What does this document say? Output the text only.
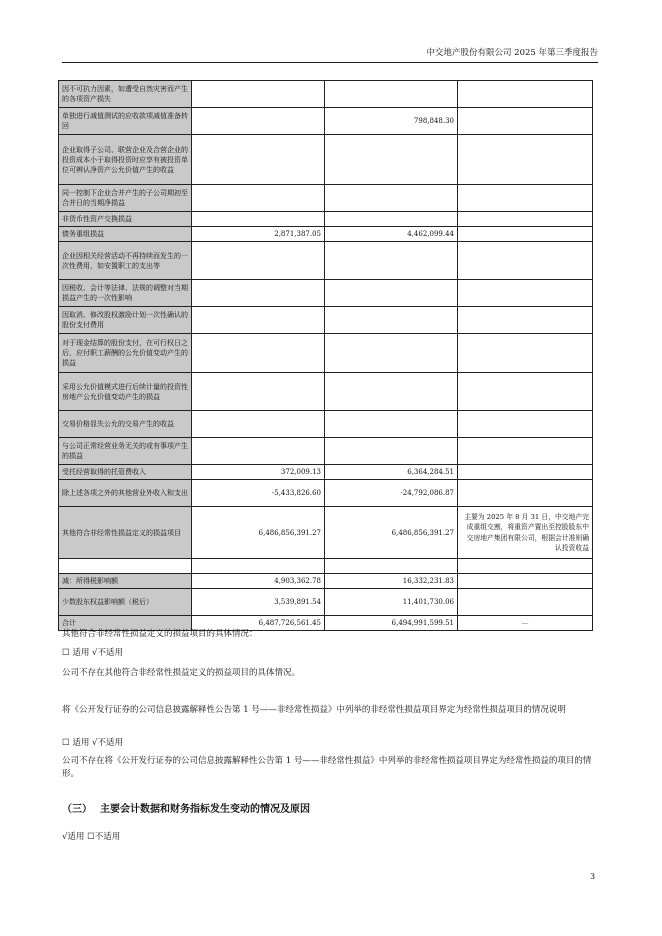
中交地产股份有限公司 2025 年第三季度报告
因不可抗力因素，如遭受自然灾害而产生的各项资产损失			
单独进行减值测试的应收款项减值准备转回		798,848.30	
企业取得子公司、联营企业及合营企业的投资成本小于取得投资时应享有被投资单位可辨认净资产公允价值产生的收益			
同一控制下企业合并产生的子公司期初至合并日的当期净损益			
非货币性资产交换损益			
债务重组损益	2,871,387.05	4,462,099.44	
企业因相关经营活动不再持续而发生的一次性费用，如安置职工的支出等			
因税收、会计等法律、法规的调整对当期损益产生的一次性影响			
因取消、修改股权激励计划一次性确认的股份支付费用			
对于现金结算的股份支付，在可行权日之后，应付职工薪酬的公允价值变动产生的损益			
采用公允价值模式进行后续计量的投资性房地产公允价值变动产生的损益			
交易价格显失公允的交易产生的收益			
与公司正常经营业务无关的或有事项产生的损益			
受托经营取得的托管费收入	372,009.13	6,364,284.51	
除上述各项之外的其他营业外收入和支出	-5,433,826.60	-24,792,086.87	
其他符合非经常性损益定义的损益项目	6,486,856,391.27	6,486,856,391.27	主要为 2025 年 8 月 31 日，中交地产完成重组交割，将重资产置出至控股股东中交房地产集团有限公司，根据会计准则确认投资收益

减：所得税影响额	4,903,362.78	16,332,231.83	
少数股东权益影响额（税后）	3,539,891.54	11,401,730.06	
合计	6,487,726,561.45	6,494,991,599.51	—
其他符合非经常性损益定义的损益项目的具体情况：
☐ 适用 √不适用
公司不存在其他符合非经常性损益定义的损益项目的具体情况。
将《公开发行证券的公司信息披露解释性公告第 1 号——非经常性损益》中列举的非经常性损益项目界定为经常性损益项目的情况说明
☐ 适用 √不适用
公司不存在将《公开发行证券的公司信息披露解释性公告第 1 号——非经常性损益》中列举的非经常性损益项目界定为经常性损益的项目的情形。
（三） 主要会计数据和财务指标发生变动的情况及原因
√适用 ☐不适用
3
